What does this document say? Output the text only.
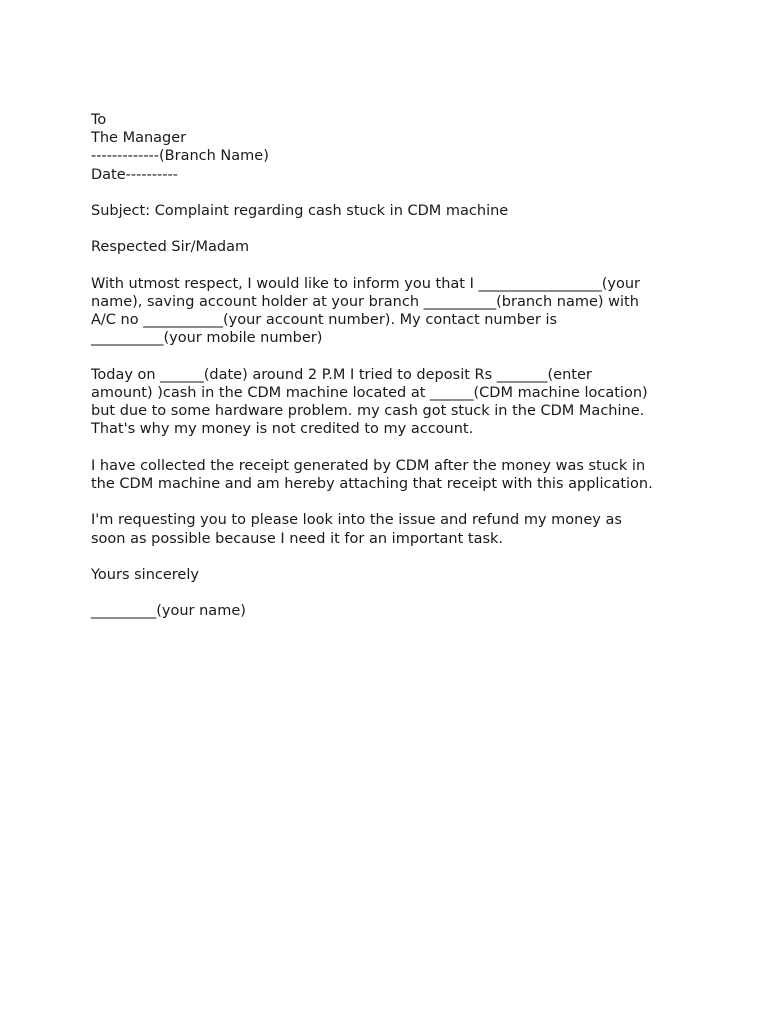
To
The Manager
-------------(Branch Name)
Date----------
Subject: Complaint regarding cash stuck in CDM machine
Respected Sir/Madam
With utmost respect, I would like to inform you that I _________________(your
name), saving account holder at your branch __________(branch name) with
A/C no ___________(your account number). My contact number is
__________(your mobile number)
Today on ______(date) around 2 P.M I tried to deposit Rs _______(enter
amount) )cash in the CDM machine located at ______(CDM machine location)
but due to some hardware problem. my cash got stuck in the CDM Machine.
That's why my money is not credited to my account.
I have collected the receipt generated by CDM after the money was stuck in
the CDM machine and am hereby attaching that receipt with this application.
I'm requesting you to please look into the issue and refund my money as
soon as possible because I need it for an important task.
Yours sincerely
_________(your name)
